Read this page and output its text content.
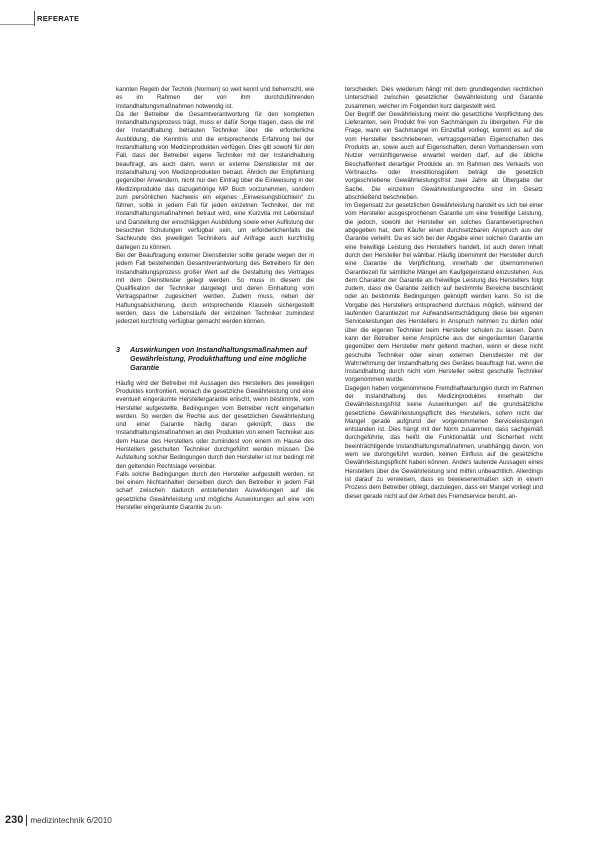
REFERATE

kannten Regeln der Technik (Normen) so weit kennt und beherrscht, wie es im Rahmen der von ihm durchzuführenden Instandhaltungsmaßnahmen notwendig ist.

Da der Betreiber die Gesamtverantwortung für den kompletten Instandhaltungsprozess trägt, muss er dafür Sorge tragen, dass die mit der Instandhaltung betrauten Techniker über die erforderliche Ausbildung, die Kenntnis und die entsprechende Erfahrung bei der Instandhaltung von Medizinprodukten verfügen. Dies gilt sowohl für den Fall, dass der Betreiber eigene Techniker mit der Instandhaltung beauftragt, als auch dann, wenn er externe Dienstleister mit der Instandhaltung von Medizinprodukten betraut. Ähnlich der Empfehlung gegenüber Anwendern, nicht nur den Eintrag über die Einweisung in der Medizinprodukte das dazugehörige MP Buch vorzunehmen, sondern zum persönlichen Nachweis ein eigenes „Einweisungsbüchlein“ zu führen, sollte in jedem Fall für jeden einzelnen Techniker, der mit Instandhaltungsmaßnahmen betraut wird, eine Kurzvita mit Lebenslauf und Darstellung der einschlägigen Ausbildung sowie einer Auflistung der besuchten Schulungen verfügbar sein, um erforderlichenfalls die Sachkunde des jeweiligen Technikers auf Anfrage auch kurzfristig darlegen zu können.

Bei der Beauftragung externer Dienstleister sollte gerade wegen der in jedem Fall bestehenden Gesamtverantwortung des Betreibers für den Instandhaltungsprozess großer Wert auf die Gestaltung des Vertrages mit dem Dienstleister gelegt werden. So muss in diesem die Qualifikation der Techniker dargelegt und deren Einhaltung vom Vertragspartner zugesichert werden. Zudem muss, neben der Haftungsabsicherung, durch entsprechende Klauseln sichergestellt werden, dass die Lebensläufe der einzelnen Techniker zumindest jederzeit kurzfristig verfügbar gemacht werden können.

3	Auswirkungen von Instandhaltungsmaßnahmen auf Gewährleistung, Produkthaftung und eine mögliche Garantie

Häufig wird der Betreiber mit Aussagen des Herstellers des jeweiligen Produktes konfrontiert, wonach die gesetzliche Gewährleistung und eine eventuell eingeräumte Herstellergarantie erlischt, wenn bestimmte, vom Hersteller aufgestellte, Bedingungen vom Betreiber nicht eingehalten werden. So werden die Rechte aus der gesetzlichen Gewährleistung und einer Garantie häufig daran geknüpft, dass die Instandhaltungsmaßnahmen an den Produkten von einem Techniker aus dem Hause des Herstellers oder zumindest von einem im Hause des Herstellers geschulten Techniker durchgeführt werden müssen. Die Aufstellung solcher Bedingungen durch den Hersteller ist nur bedingt mit den geltenden Rechtslage vereinbar.

Falls solche Bedingungen durch den Hersteller aufgestellt werden, ist bei einem Nichtanhalten derselben durch den Betreiber in jedem Fall scharf zwischen dadurch entstehenden Auswirkungen auf die gesetzliche Gewährleistung und mögliche Auswirkungen auf eine vom Hersteller eingeräumte Garantie zu un-

terscheiden. Dies wiederum hängt mit dem grundlegenden rechtlichen Unterschied zwischen gesetzlicher Gewährleistung und Garantie zusammen, welcher im Folgenden kurz dargestellt wird.

Der Begriff der Gewährleistung meint die gesetzliche Verpflichtung des Lieferanten, sein Produkt frei von Sachmängeln zu übergeben. Für die Frage, wann ein Sachmangel im Einzelfall vorliegt, kommt es auf die vom Hersteller beschriebenen, vertragsgemäßen Eigenschaften des Produkts an, sowie auch auf Eigenschaften, deren Vorhandensein vom Nutzer vernünftigerweise erwartet werden darf, auf die übliche Beschaffenheit derartiger Produkte an. Im Rahmen des Verkaufs von Verbrauchs- oder Investitionsgütern beträgt die gesetzlich vorgeschriebene Gewährleistungsfrist zwei Jahre ab Übergabe der Sache. Die einzelnen Gewährleistungsrechte sind im Gesetz abschließend beschrieben.

Im Gegensatz zur gesetzlichen Gewährleistung handelt es sich bei einer vom Hersteller ausgesprochenen Garantie um eine freiwillige Leistung, die jedoch, sowohl der Hersteller ein solches Garantieversprechen abgegeben hat, dem Käufer einen durchsetzbaren Anspruch aus der Garantie verleiht. Da es sich bei der Abgabe einer solchen Garantie um eine freiwillige Leistung des Herstellers handelt, ist auch deren Inhalt durch den Hersteller frei wählbar. Häufig übernimmt der Hersteller durch eine Garantie die Verpflichtung, innerhalb der übernommenen Garantiezeit für sämtliche Mängel am Kaufgegenstand einzustehen. Aus dem Charakter der Garantie als freiwillige Leistung des Herstellers folgt zudem, dass die Garantie zeitlich auf bestimmte Bereiche beschränkt oder an bestimmte Bedingungen geknüpft werden kann. So ist die Vorgabe des Herstellers entsprechend durchaus möglich, während der laufenden Garantiezeit nur Aufwandsentschädigung diese bei eigenen Serviceleistungen des Herstellers in Anspruch nehmen zu dürfen oder über die eigenen Techniker beim Hersteller schulen zu lassen. Dann kann der Betreiber keine Ansprüche aus der eingeräumten Garantie gegenüber dem Hersteller mehr geltend machen, wenn er diese nicht geschulte Techniker oder einen externen Dienstleister mit der Wahrnehmung der Instandhaltung des Gerätes beauftragt hat, wenn die Instandhaltung durch nicht vom Hersteller selbst geschulte Techniker vorgenommen wurde.

Dagegen haben vorgenommene Fremdhaftwartungen durch im Rahmen der Instandhaltung des Medizinproduktes innerhalb der Gewährleistungsfrist keine Auswirkungen auf die grundsätzliche gesetzliche Gewährleistungspflicht des Herstellers, sofern nicht der Mangel gerade aufgrund der vorgenommenen Serviceleistungen entstanden ist. Dies hängt mit der Norm zusammen, dass sachgemäß durchgeführte, das heißt die Funktionalität und Sicherheit nicht beeinträchtigende Instandhaltungsmaßnahmen, unabhängig davon, von wem sie durchgeführt wurden, keinen Einfluss auf die gesetzliche Gewährleistungspflicht haben können. Anders lautende Aussagen eines Herstellers über die Gewährleistung sind mithin unbeachtlich. Allerdings ist darauf zu verweisen, dass es bewiesenermaßen sich in einem Prozess dem Betreiber obliegt, darzulegen, dass ein Mangel vorliegt und dieser gerade nicht auf der Arbeit des Fremdservice beruht, an-

230 medizintechnik 6/2010
